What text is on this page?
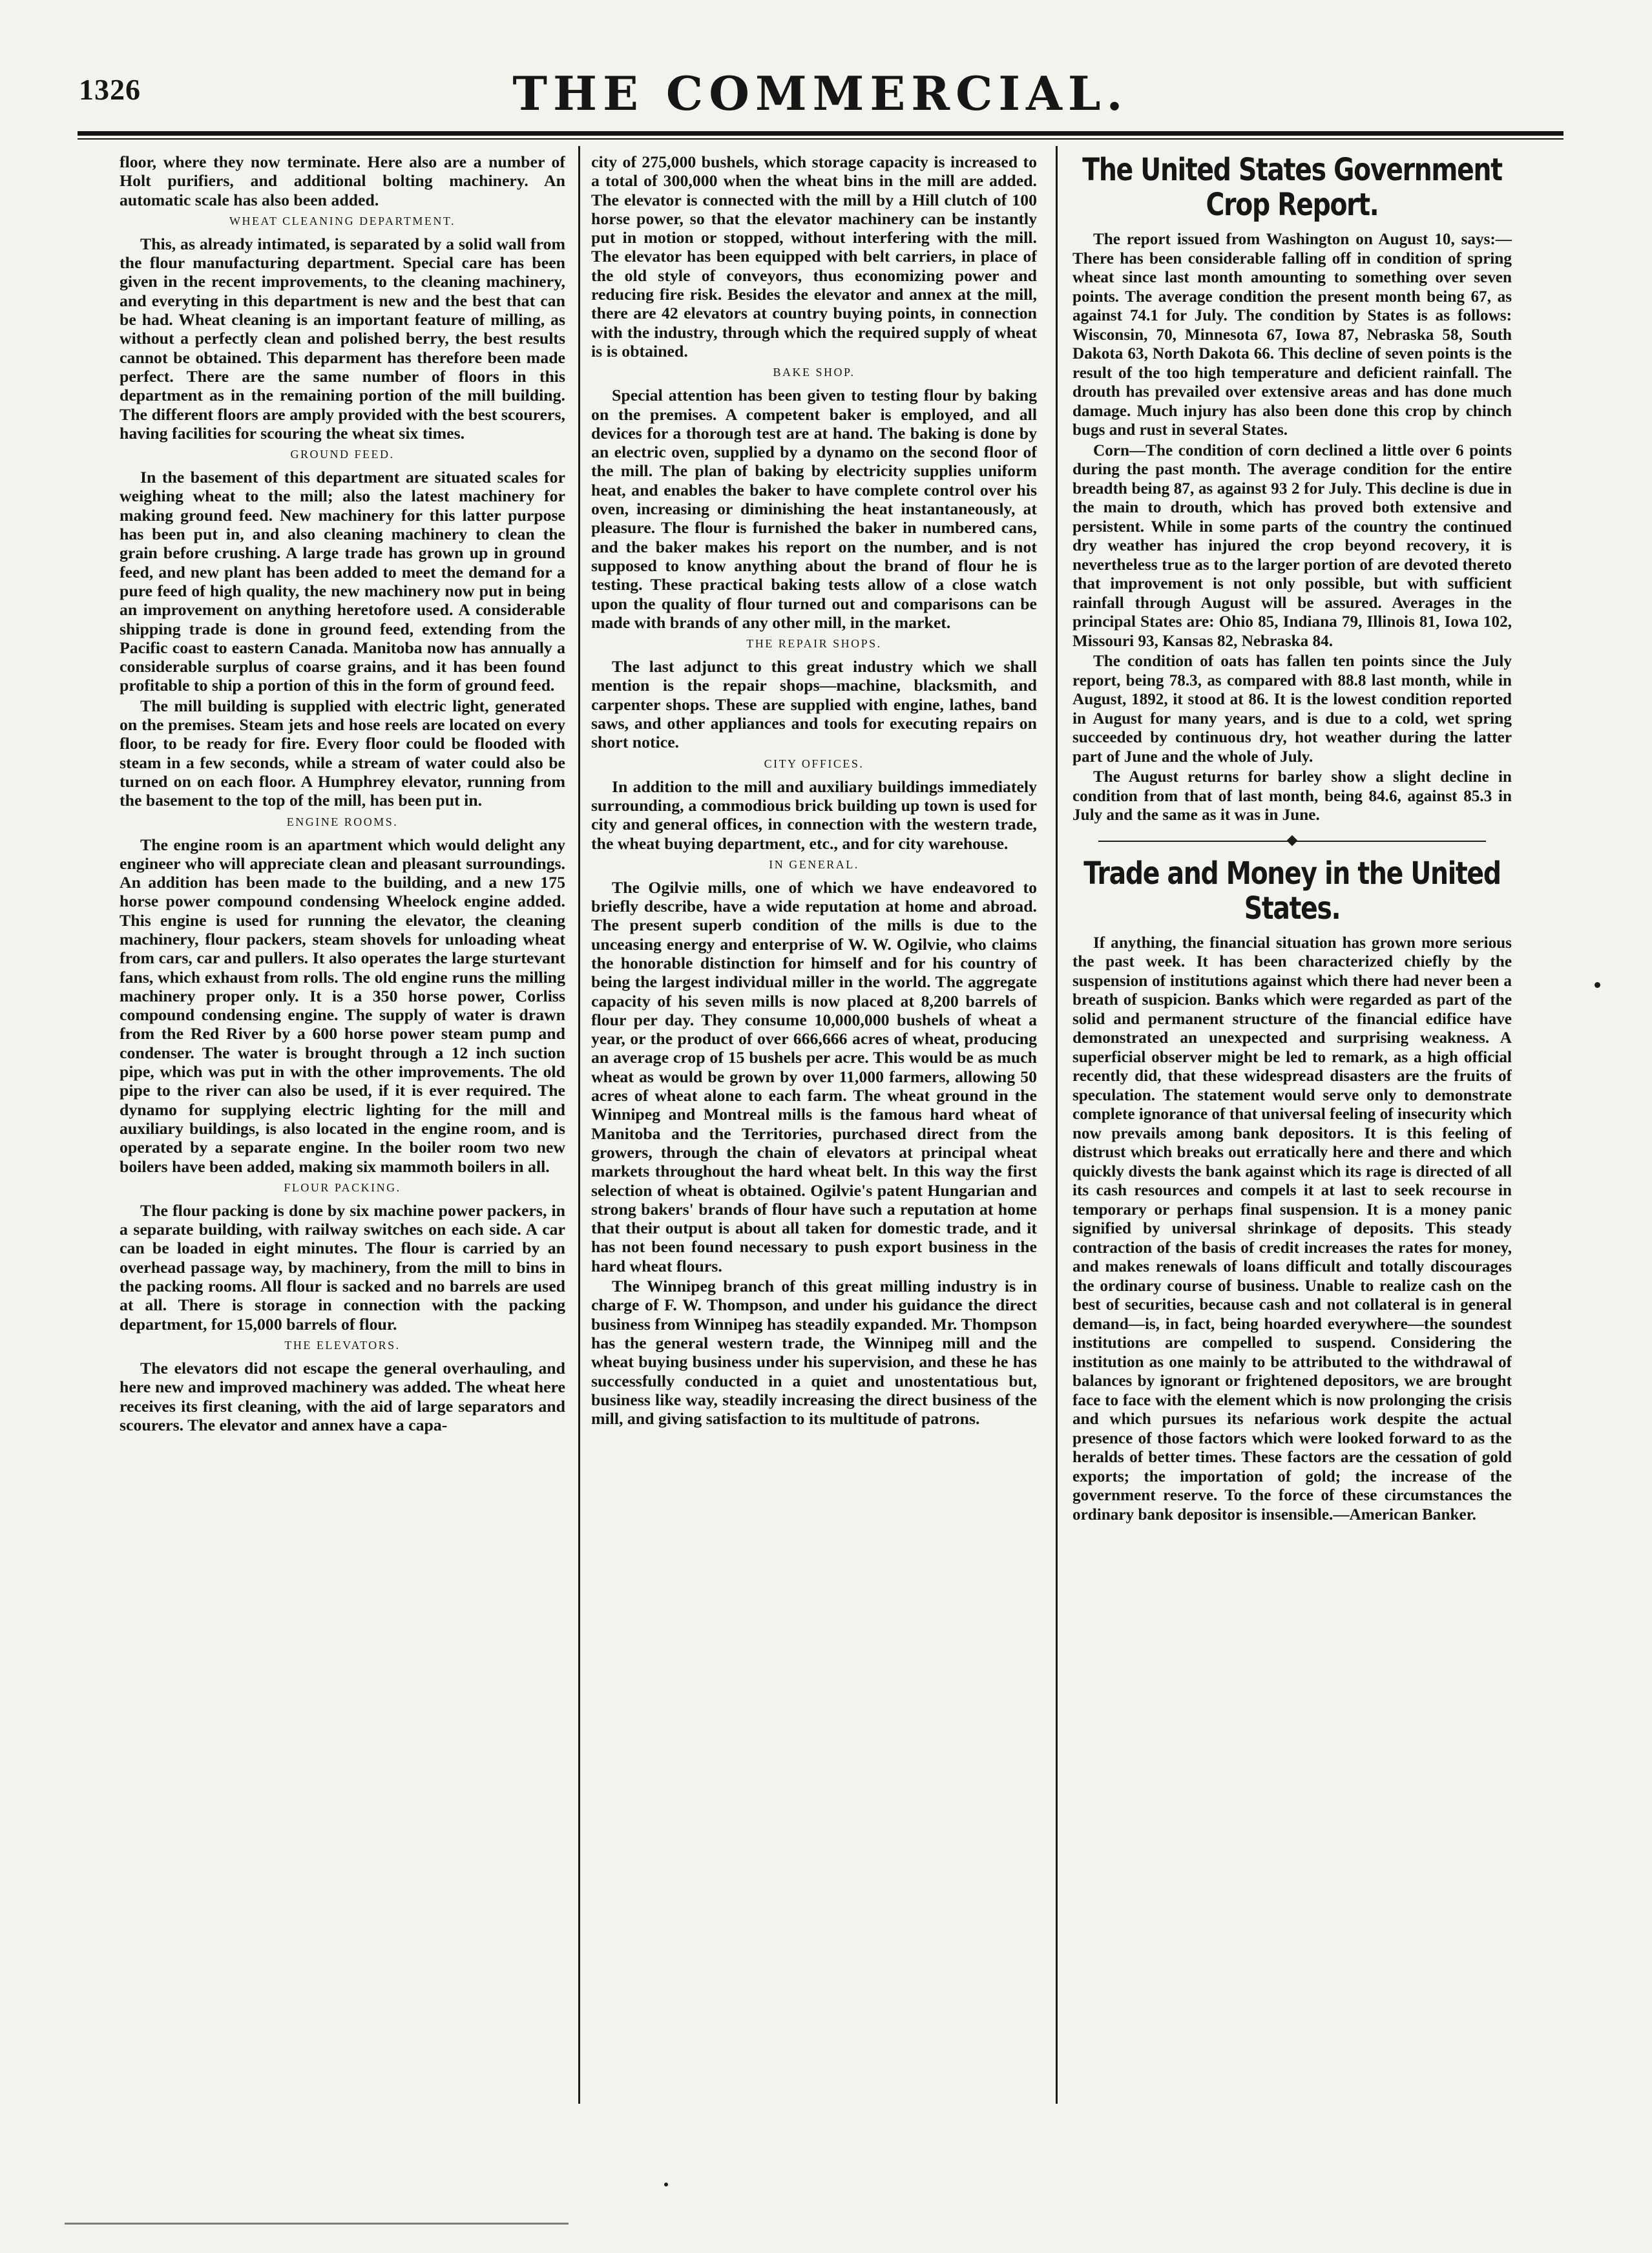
1326	THE COMMERCIAL.

floor, where they now terminate. Here also are a number of Holt purifiers, and additional bolting machinery. An automatic scale has also been added.

WHEAT CLEANING DEPARTMENT.

This, as already intimated, is separated by a solid wall from the flour manufacturing department. Special care has been given in the recent improvements, to the cleaning machinery, and everyting in this department is new and the best that can be had. Wheat cleaning is an important feature of milling, as without a perfectly clean and polished berry, the best results cannot be obtained. This deparment has therefore been made perfect. There are the same number of floors in this department as in the remaining portion of the mill building. The different floors are amply provided with the best scourers, having facilities for scouring the wheat six times.

GROUND FEED.

In the basement of this department are situated scales for weighing wheat to the mill; also the latest machinery for making ground feed. New machinery for this latter purpose has been put in, and also cleaning machinery to clean the grain before crushing. A large trade has grown up in ground feed, and new plant has been added to meet the demand for a pure feed of high quality, the new machinery now put in being an improvement on anything heretofore used. A considerable shipping trade is done in ground feed, extending from the Pacific coast to eastern Canada. Manitoba now has annually a considerable surplus of coarse grains, and it has been found profitable to ship a portion of this in the form of ground feed.

The mill building is supplied with electric light, generated on the premises. Steam jets and hose reels are located on every floor, to be ready for fire. Every floor could be flooded with steam in a few seconds, while a stream of water could also be turned on on each floor. A Humphrey elevator, running from the basement to the top of the mill, has been put in.

ENGINE ROOMS.

The engine room is an apartment which would delight any engineer who will appreciate clean and pleasant surroundings. An addition has been made to the building, and a new 175 horse power compound condensing Wheelock engine added. This engine is used for running the elevator, the cleaning machinery, flour packers, steam shovels for unloading wheat from cars, car and pullers. It also operates the large sturtevant fans, which exhaust from rolls. The old engine runs the milling machinery proper only. It is a 350 horse power, Corliss compound condensing engine. The supply of water is drawn from the Red River by a 600 horse power steam pump and condenser. The water is brought through a 12 inch suction pipe, which was put in with the other improvements. The old pipe to the river can also be used, if it is ever required. The dynamo for supplying electric lighting for the mill and auxiliary buildings, is also located in the engine room, and is operated by a separate engine. In the boiler room two new boilers have been added, making six mammoth boilers in all.

FLOUR PACKING.

The flour packing is done by six machine power packers, in a separate building, with railway switches on each side. A car can be loaded in eight minutes. The flour is carried by an overhead passage way, by machinery, from the mill to bins in the packing rooms. All flour is sacked and no barrels are used at all. There is storage in connection with the packing department, for 15,000 barrels of flour.

THE ELEVATORS.

The elevators did not escape the general overhauling, and here new and improved machinery was added. The wheat here receives its first cleaning, with the aid of large separators and scourers. The elevator and annex have a capa-

city of 275,000 bushels, which storage capacity is increased to a total of 300,000 when the wheat bins in the mill are added. The elevator is connected with the mill by a Hill clutch of 100 horse power, so that the elevator machinery can be instantly put in motion or stopped, without interfering with the mill. The elevator has been equipped with belt carriers, in place of the old style of conveyors, thus economizing power and reducing fire risk. Besides the elevator and annex at the mill, there are 42 elevators at country buying points, in connection with the industry, through which the required supply of wheat is is obtained.

BAKE SHOP.

Special attention has been given to testing flour by baking on the premises. A competent baker is employed, and all devices for a thorough test are at hand. The baking is done by an electric oven, supplied by a dynamo on the second floor of the mill. The plan of baking by electricity supplies uniform heat, and enables the baker to have complete control over his oven, increasing or diminishing the heat instantaneously, at pleasure. The flour is furnished the baker in numbered cans, and the baker makes his report on the number, and is not supposed to know anything about the brand of flour he is testing. These practical baking tests allow of a close watch upon the quality of flour turned out and comparisons can be made with brands of any other mill, in the market.

THE REPAIR SHOPS.

The last adjunct to this great industry which we shall mention is the repair shops—machine, blacksmith, and carpenter shops. These are supplied with engine, lathes, band saws, and other appliances and tools for executing repairs on short notice.

CITY OFFICES.

In addition to the mill and auxiliary buildings immediately surrounding, a commodious brick building up town is used for city and general offices, in connection with the western trade, the wheat buying department, etc., and for city warehouse.

IN GENERAL.

The Ogilvie mills, one of which we have endeavored to briefly describe, have a wide reputation at home and abroad. The present superb condition of the mills is due to the unceasing energy and enterprise of W. W. Ogilvie, who claims the honorable distinction for himself and for his country of being the largest individual miller in the world. The aggregate capacity of his seven mills is now placed at 8,200 barrels of flour per day. They consume 10,000,000 bushels of wheat a year, or the product of over 666,666 acres of wheat, producing an average crop of 15 bushels per acre. This would be as much wheat as would be grown by over 11,000 farmers, allowing 50 acres of wheat alone to each farm. The wheat ground in the Winnipeg and Montreal mills is the famous hard wheat of Manitoba and the Territories, purchased direct from the growers, through the chain of elevators at principal wheat markets throughout the hard wheat belt. In this way the first selection of wheat is obtained. Ogilvie's patent Hungarian and strong bakers' brands of flour have such a reputation at home that their output is about all taken for domestic trade, and it has not been found necessary to push export business in the hard wheat flours.

The Winnipeg branch of this great milling industry is in charge of F. W. Thompson, and under his guidance the direct business from Winnipeg has steadily expanded. Mr. Thompson has the general western trade, the Winnipeg mill and the wheat buying business under his supervision, and these he has successfully conducted in a quiet and unostentatious but, business like way, steadily increasing the direct business of the mill, and giving satisfaction to its multitude of patrons.

The United States Government Crop Report.

The report issued from Washington on August 10, says:—There has been considerable falling off in condition of spring wheat since last month amounting to something over seven points. The average condition the present month being 67, as against 74.1 for July. The condition by States is as follows: Wisconsin, 70, Minnesota 67, Iowa 87, Nebraska 58, South Dakota 63, North Dakota 66. This decline of seven points is the result of the too high temperature and deficient rainfall. The drouth has prevailed over extensive areas and has done much damage. Much injury has also been done this crop by chinch bugs and rust in several States.

Corn—The condition of corn declined a little over 6 points during the past month. The average condition for the entire breadth being 87, as against 93 2 for July. This decline is due in the main to drouth, which has proved both extensive and persistent. While in some parts of the country the continued dry weather has injured the crop beyond recovery, it is nevertheless true as to the larger portion of are devoted thereto that improvement is not only possible, but with sufficient rainfall through August will be assured. Averages in the principal States are: Ohio 85, Indiana 79, Illinois 81, Iowa 102, Missouri 93, Kansas 82, Nebraska 84.

The condition of oats has fallen ten points since the July report, being 78.3, as compared with 88.8 last month, while in August, 1892, it stood at 86. It is the lowest condition reported in August for many years, and is due to a cold, wet spring succeeded by continuous dry, hot weather during the latter part of June and the whole of July.

The August returns for barley show a slight decline in condition from that of last month, being 84.6, against 85.3 in July and the same as it was in June.

Trade and Money in the United States.

If anything, the financial situation has grown more serious the past week. It has been characterized chiefly by the suspension of institutions against which there had never been a breath of suspicion. Banks which were regarded as part of the solid and permanent structure of the financial edifice have demonstrated an unexpected and surprising weakness. A superficial observer might be led to remark, as a high official recently did, that these widespread disasters are the fruits of speculation. The statement would serve only to demonstrate complete ignorance of that universal feeling of insecurity which now prevails among bank depositors. It is this feeling of distrust which breaks out erratically here and there and which quickly divests the bank against which its rage is directed of all its cash resources and compels it at last to seek recourse in temporary or perhaps final suspension. It is a money panic signified by universal shrinkage of deposits. This steady contraction of the basis of credit increases the rates for money, and makes renewals of loans difficult and totally discourages the ordinary course of business. Unable to realize cash on the best of securities, because cash and not collateral is in general demand—is, in fact, being hoarded everywhere—the soundest institutions are compelled to suspend. Considering the institution as one mainly to be attributed to the withdrawal of balances by ignorant or frightened depositors, we are brought face to face with the element which is now prolonging the crisis and which pursues its nefarious work despite the actual presence of those factors which were looked forward to as the heralds of better times. These factors are the cessation of gold exports; the importation of gold; the increase of the government reserve. To the force of these circumstances the ordinary bank depositor is insensible.—American Banker.
